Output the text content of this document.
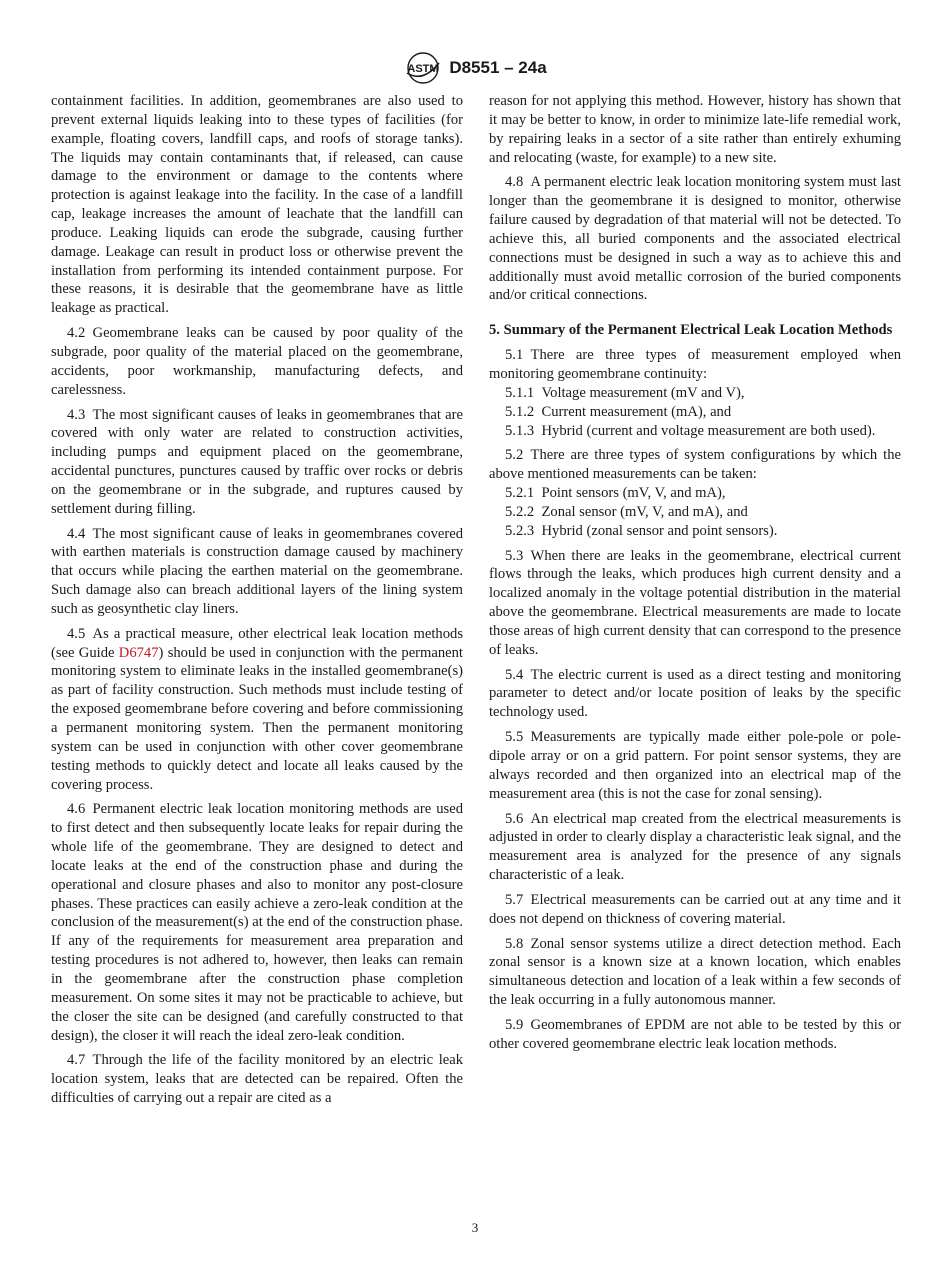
ASTM D8551 – 24a

containment facilities. In addition, geomembranes are also used to prevent external liquids leaking into to these types of facilities (for example, floating covers, landfill caps, and roofs of storage tanks). The liquids may contain contaminants that, if released, can cause damage to the environment or damage to the contents where protection is against leakage into the facility. In the case of a landfill cap, leakage increases the amount of leachate that the landfill can produce. Leaking liquids can erode the subgrade, causing further damage. Leakage can result in product loss or otherwise prevent the installation from performing its intended containment purpose. For these reasons, it is desirable that the geomembrane have as little leakage as practical.

4.2 Geomembrane leaks can be caused by poor quality of the subgrade, poor quality of the material placed on the geomembrane, accidents, poor workmanship, manufacturing defects, and carelessness.

4.3 The most significant causes of leaks in geomembranes that are covered with only water are related to construction activities, including pumps and equipment placed on the geomembrane, accidental punctures, punctures caused by traffic over rocks or debris on the geomembrane or in the subgrade, and ruptures caused by settlement during filling.

4.4 The most significant cause of leaks in geomembranes covered with earthen materials is construction damage caused by machinery that occurs while placing the earthen material on the geomembrane. Such damage also can breach additional layers of the lining system such as geosynthetic clay liners.

4.5 As a practical measure, other electrical leak location methods (see Guide D6747) should be used in conjunction with the permanent monitoring system to eliminate leaks in the installed geomembrane(s) as part of facility construction. Such methods must include testing of the exposed geomembrane before covering and before commissioning a permanent monitoring system. Then the permanent monitoring system can be used in conjunction with other cover geomembrane testing methods to quickly detect and locate all leaks caused by the covering process.

4.6 Permanent electric leak location monitoring methods are used to first detect and then subsequently locate leaks for repair during the whole life of the geomembrane. They are designed to detect and locate leaks at the end of the construction phase and during the operational and closure phases and also to monitor any post-closure phases. These practices can easily achieve a zero-leak condition at the conclusion of the measurement(s) at the end of the construction phase. If any of the requirements for measurement area preparation and testing procedures is not adhered to, however, then leaks can remain in the geomembrane after the construction phase completion measurement. On some sites it may not be practicable to achieve, but the closer the site can be designed (and carefully constructed to that design), the closer it will reach the ideal zero-leak condition.

4.7 Through the life of the facility monitored by an electric leak location system, leaks that are detected can be repaired. Often the difficulties of carrying out a repair are cited as a

reason for not applying this method. However, history has shown that it may be better to know, in order to minimize late-life remedial work, by repairing leaks in a sector of a site rather than entirely exhuming and relocating (waste, for example) to a new site.

4.8 A permanent electric leak location monitoring system must last longer than the geomembrane it is designed to monitor, otherwise failure caused by degradation of that material will not be detected. To achieve this, all buried components and the associated electrical connections must be designed in such a way as to achieve this and additionally must avoid metallic corrosion of the buried components and/or critical connections.

5. Summary of the Permanent Electrical Leak Location Methods

5.1 There are three types of measurement employed when monitoring geomembrane continuity:

5.1.1 Voltage measurement (mV and V),

5.1.2 Current measurement (mA), and

5.1.3 Hybrid (current and voltage measurement are both used).

5.2 There are three types of system configurations by which the above mentioned measurements can be taken:

5.2.1 Point sensors (mV, V, and mA),

5.2.2 Zonal sensor (mV, V, and mA), and

5.2.3 Hybrid (zonal sensor and point sensors).

5.3 When there are leaks in the geomembrane, electrical current flows through the leaks, which produces high current density and a localized anomaly in the voltage potential distribution in the material above the geomembrane. Electrical measurements are made to locate those areas of high current density that can correspond to the presence of leaks.

5.4 The electric current is used as a direct testing and monitoring parameter to detect and/or locate position of leaks by the specific technology used.

5.5 Measurements are typically made either pole-pole or pole-dipole array or on a grid pattern. For point sensor systems, they are always recorded and then organized into an electrical map of the measurement area (this is not the case for zonal sensing).

5.6 An electrical map created from the electrical measurements is adjusted in order to clearly display a characteristic leak signal, and the measurement area is analyzed for the presence of any signals characteristic of a leak.

5.7 Electrical measurements can be carried out at any time and it does not depend on thickness of covering material.

5.8 Zonal sensor systems utilize a direct detection method. Each zonal sensor is a known size at a known location, which enables simultaneous detection and location of a leak within a few seconds of the leak occurring in a fully autonomous manner.

5.9 Geomembranes of EPDM are not able to be tested by this or other covered geomembrane electric leak location methods.

3
